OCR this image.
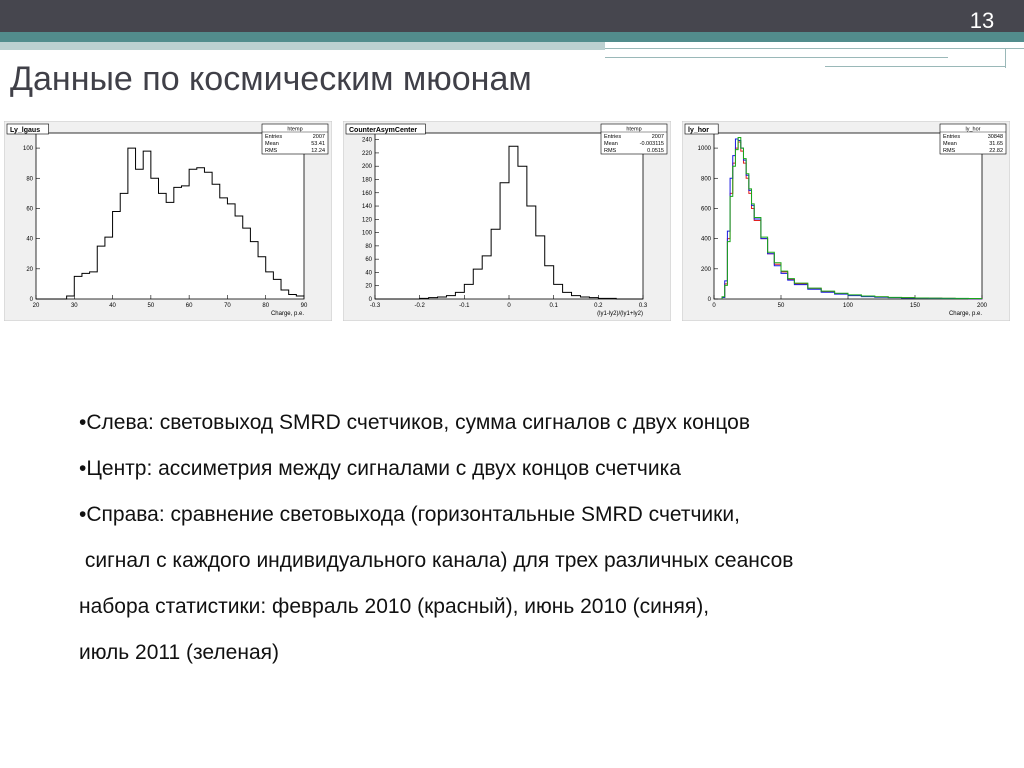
13
Данные по космическим мюонам
20	30	40	50	60	70	80	90
0
20
40
60
80
100
Charge, p.e.
Ly_lgaus	htemp
Entries	2007
Mean	53.41
RMS	12.24
-0.3	-0.2	-0.1	0	0.1	0.2	0.3
0
20
40
60
80
100
120
140
160
180
200
220
240
(ly1-ly2)/(ly1+ly2)
CounterAsymCenter	htemp
Entries	2007
Mean	-0.003115
RMS	0.0515
0	50	100	150	200
0
200
400
600
800
1000
Charge, p.e.
ly_hor	ly_hor
Entries	30848
Mean	31.65
RMS	22.82
•Слева: световыход SMRD счетчиков, сумма сигналов с двух концов
•Центр: ассиметрия между сигналами с двух концов счетчика
•Справа: сравнение световыхода (горизонтальные SMRD счетчики,
сигнал с каждого индивидуального канала) для трех различных сеансов
набора статистики: февраль 2010 (красный), июнь 2010 (синяя),
июль 2011 (зеленая)
